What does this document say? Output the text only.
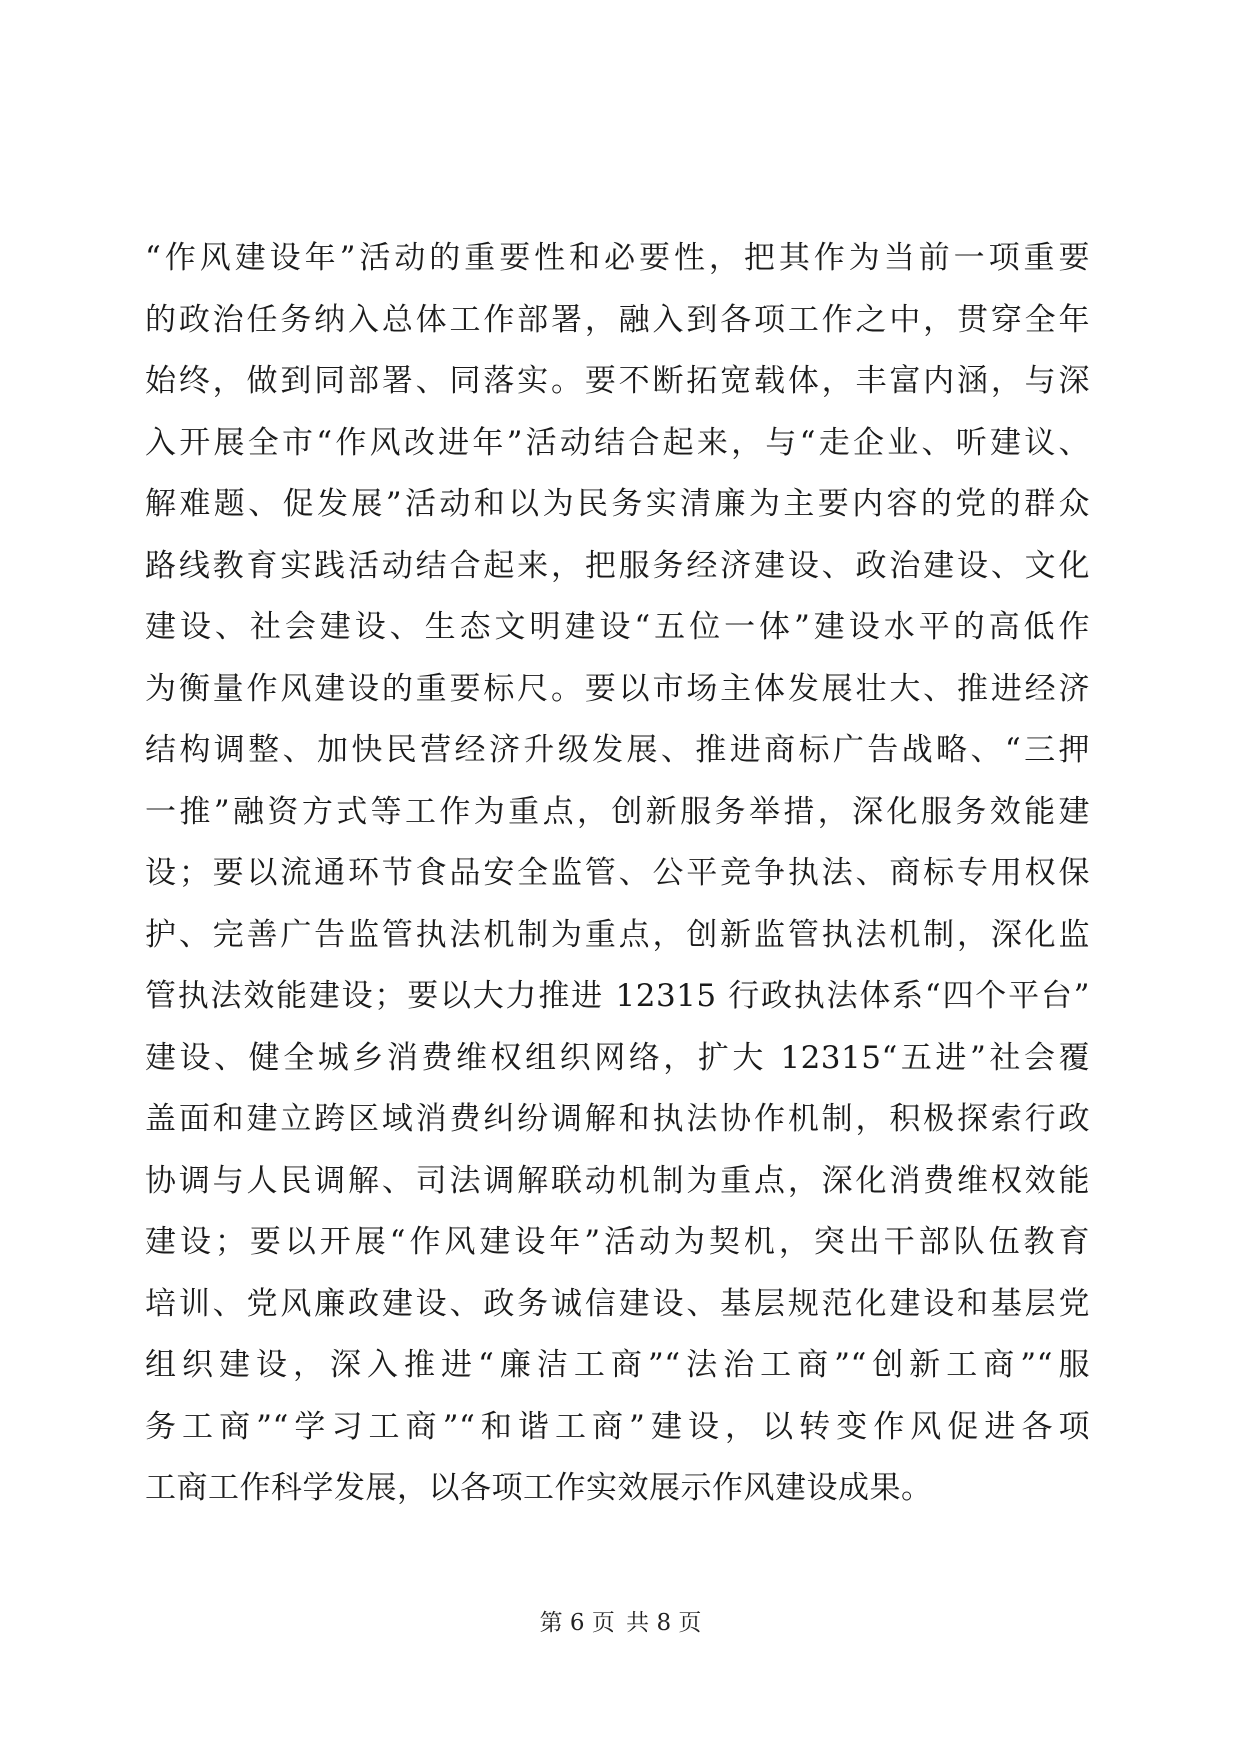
“作风建设年”活动的重要性和必要性，把其作为当前一项重要
的政治任务纳入总体工作部署，融入到各项工作之中，贯穿全年
始终，做到同部署、同落实。要不断拓宽载体，丰富内涵，与深
入开展全市“作风改进年”活动结合起来，与“走企业、听建议、
解难题、促发展”活动和以为民务实清廉为主要内容的党的群众
路线教育实践活动结合起来，把服务经济建设、政治建设、文化
建设、社会建设、生态文明建设“五位一体”建设水平的高低作
为衡量作风建设的重要标尺。要以市场主体发展壮大、推进经济
结构调整、加快民营经济升级发展、推进商标广告战略、“三押
一推”融资方式等工作为重点，创新服务举措，深化服务效能建
设；要以流通环节食品安全监管、公平竞争执法、商标专用权保
护、完善广告监管执法机制为重点，创新监管执法机制，深化监
管执法效能建设；要以大力推进 12315 行政执法体系“四个平台”
建设、健全城乡消费维权组织网络，扩大 12315“五进”社会覆
盖面和建立跨区域消费纠纷调解和执法协作机制，积极探索行政
协调与人民调解、司法调解联动机制为重点，深化消费维权效能
建设；要以开展“作风建设年”活动为契机，突出干部队伍教育
培训、党风廉政建设、政务诚信建设、基层规范化建设和基层党
组织建设，深入推进“廉洁工商”“法治工商”“创新工商”“服
务工商”“学习工商”“和谐工商”建设，以转变作风促进各项
工商工作科学发展，以各项工作实效展示作风建设成果。
第 6 页 共 8 页
